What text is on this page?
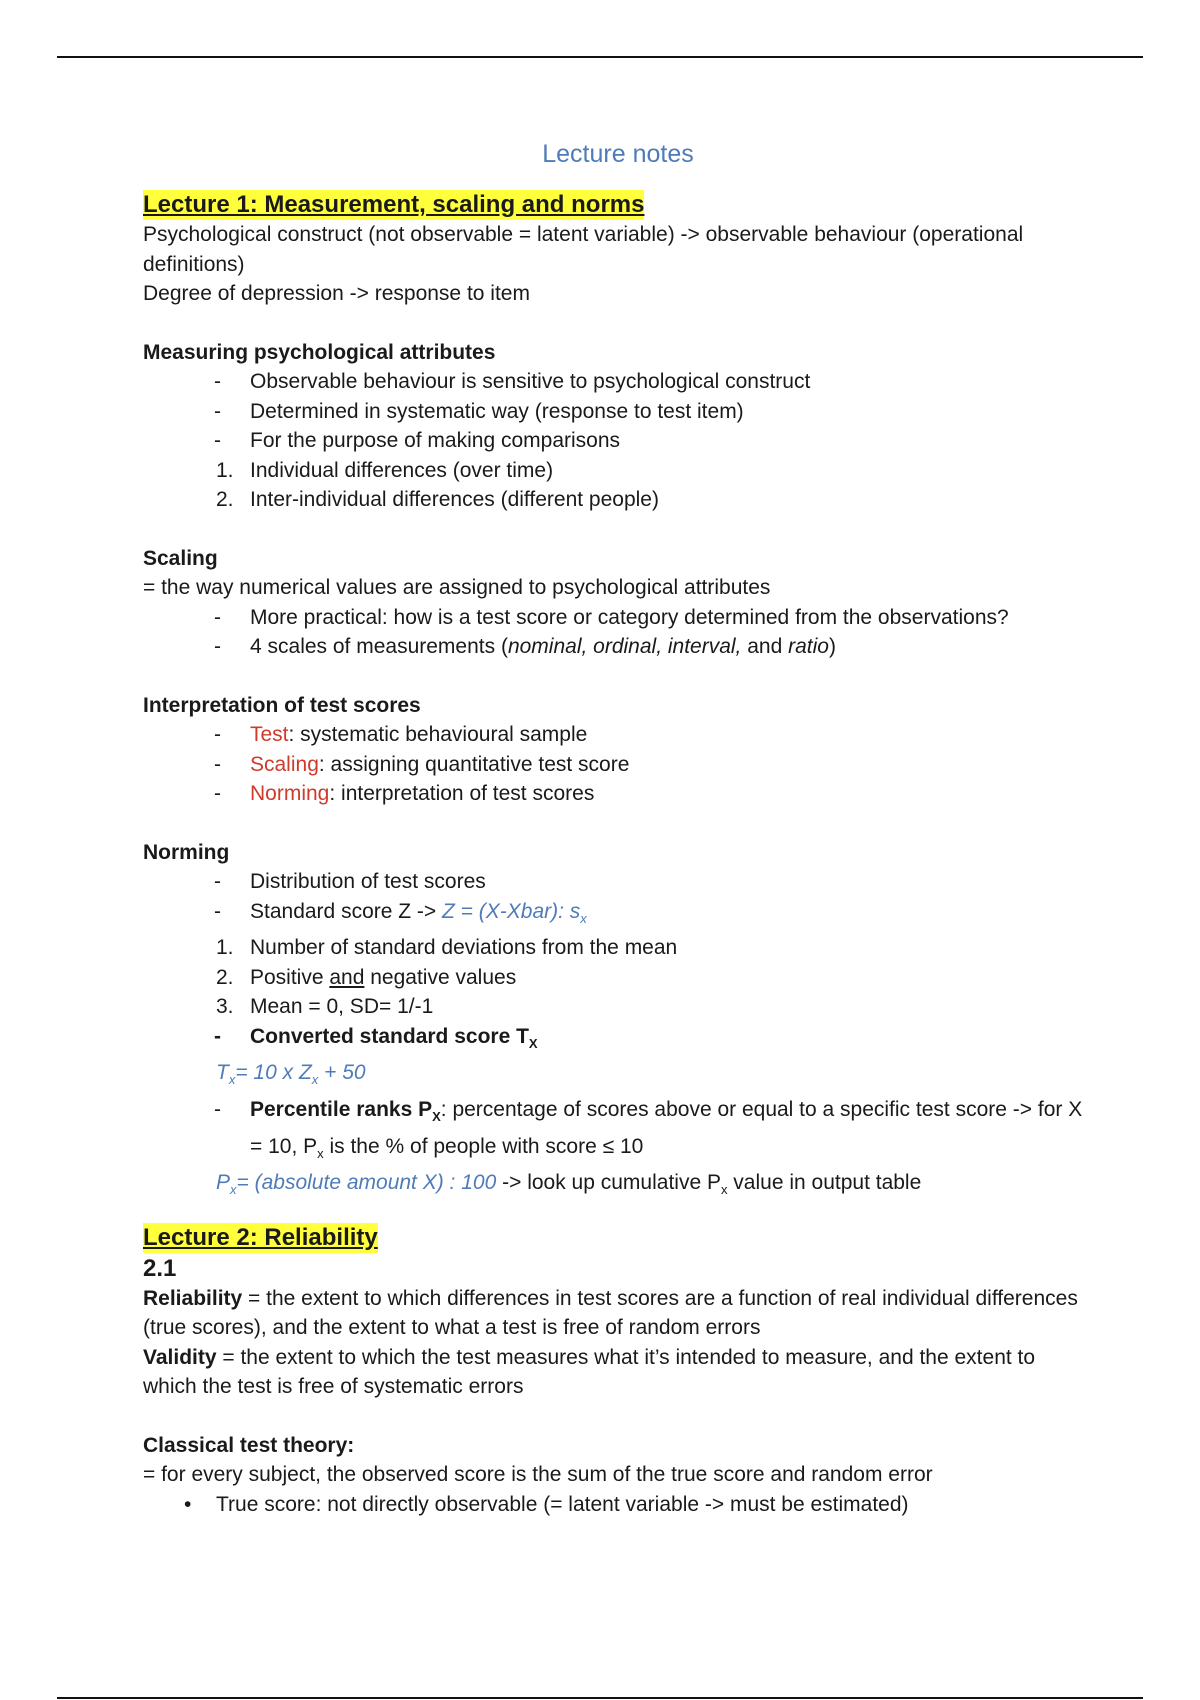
Lecture notes

Lecture 1: Measurement, scaling and norms

Psychological construct (not observable = latent variable) -> observable behaviour (operational definitions)

Degree of depression -> response to item

Measuring psychological attributes

- Observable behaviour is sensitive to psychological construct
- Determined in systematic way (response to test item)
- For the purpose of making comparisons
1. Individual differences (over time)
2. Inter-individual differences (different people)

Scaling

= the way numerical values are assigned to psychological attributes

- More practical: how is a test score or category determined from the observations?
- 4 scales of measurements (nominal, ordinal, interval, and ratio)

Interpretation of test scores

- Test: systematic behavioural sample
- Scaling: assigning quantitative test score
- Norming: interpretation of test scores

Norming

- Distribution of test scores
- Standard score Z -> Z = (X-Xbar): $s_x$
1. Number of standard deviations from the mean
2. Positive and negative values
3. Mean = 0, SD= 1/-1
- Converted standard score $T_X$

$T_x= 10$ x $Z_x + 50$

- Percentile ranks $P_X$: percentage of scores above or equal to a specific test score -> for X = 10, $P_x$ is the % of people with score ≤ 10

$P_x=$ (absolute amount X) : 100 -> look up cumulative $P_x$ value in output table

Lecture 2: Reliability

2.1

Reliability = the extent to which differences in test scores are a function of real individual differences (true scores), and the extent to what a test is free of random errors

Validity = the extent to which the test measures what it’s intended to measure, and the extent to which the test is free of systematic errors

Classical test theory:

= for every subject, the observed score is the sum of the true score and random error

• True score: not directly observable (= latent variable -> must be estimated)
